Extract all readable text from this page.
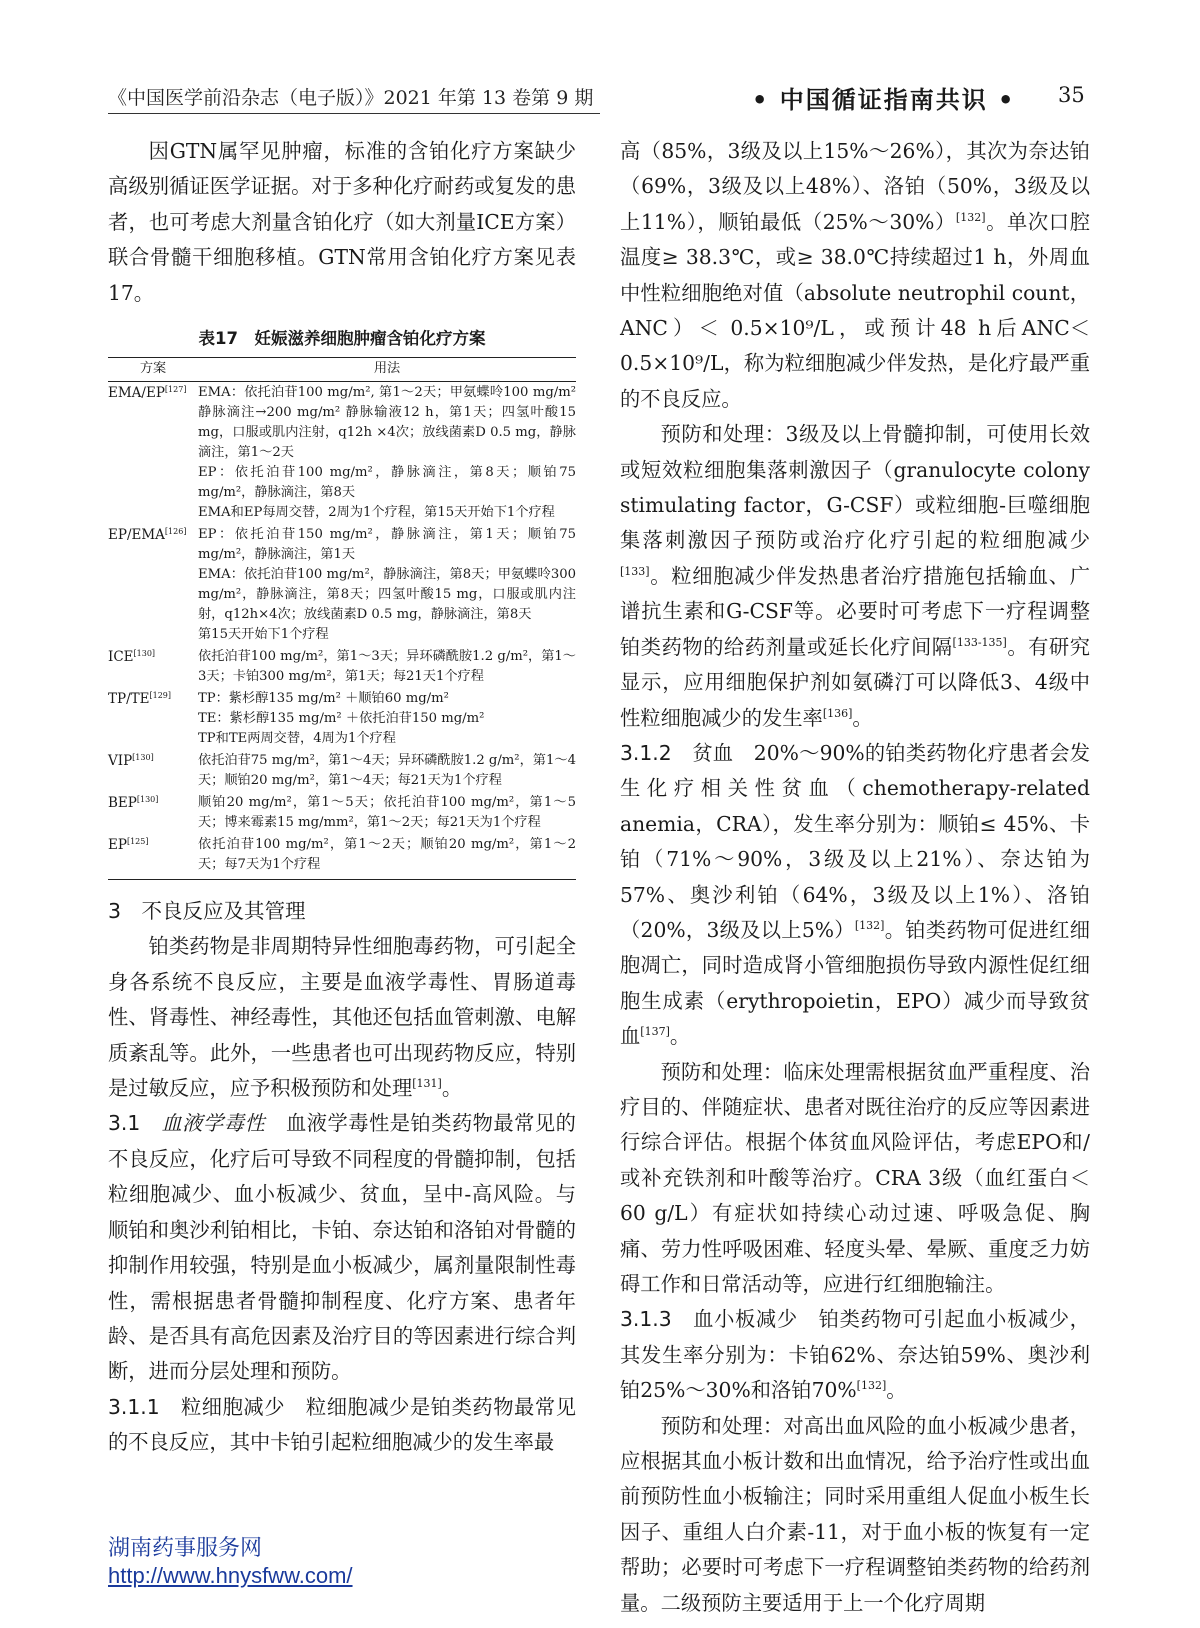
《中国医学前沿杂志（电子版）》2021 年第 13 卷第 9 期	• 中国循证指南共识 • 35

因GTN属罕见肿瘤，标准的含铂化疗方案缺少高级别循证医学证据。对于多种化疗耐药或复发的患者，也可考虑大剂量含铂化疗（如大剂量ICE方案）联合骨髓干细胞移植。GTN常用含铂化疗方案见表17。

表17　妊娠滋养细胞肿瘤含铂化疗方案
方案	用法
EMA/EP[127]	EMA：依托泊苷100 mg/m², 第1～2天；甲氨蝶呤100 mg/m² 静脉滴注→200 mg/m² 静脉输液12 h，第1天；四氢叶酸15 mg，口服或肌内注射，q12h ×4次；放线菌素D 0.5 mg，静脉滴注，第1～2天
EP：依托泊苷100 mg/m²，静脉滴注，第8天；顺铂75 mg/m²，静脉滴注，第8天
EMA和EP每周交替，2周为1个疗程，第15天开始下1个疗程

EP/EMA[126]	EP：依托泊苷150 mg/m²，静脉滴注，第1天；顺铂75 mg/m²，静脉滴注，第1天
EMA：依托泊苷100 mg/m²，静脉滴注，第8天；甲氨蝶呤300 mg/m²，静脉滴注，第8天；四氢叶酸15 mg，口服或肌内注射，q12h×4次；放线菌素D 0.5 mg，静脉滴注，第8天
第15天开始下1个疗程

ICE[130]	依托泊苷100 mg/m²，第1～3天；异环磷酰胺1.2 g/m²，第1～3天；卡铂300 mg/m²，第1天；每21天1个疗程

TP/TE[129]	TP：紫杉醇135 mg/m² ＋顺铂60 mg/m²
TE：紫杉醇135 mg/m² ＋依托泊苷150 mg/m²
TP和TE两周交替，4周为1个疗程

VIP[130]	依托泊苷75 mg/m²，第1～4天；异环磷酰胺1.2 g/m²，第1～4天；顺铂20 mg/m²，第1～4天；每21天为1个疗程

BEP[130]	顺铂20 mg/m²，第1～5天；依托泊苷100 mg/m²，第1～5天；博来霉素15 mg/mm²，第1～2天；每21天为1个疗程

EP[125]	依托泊苷100 mg/m²，第1～2天；顺铂20 mg/m²，第1～2天；每7天为1个疗程
3　不良反应及其管理

铂类药物是非周期特异性细胞毒药物，可引起全身各系统不良反应，主要是血液学毒性、胃肠道毒性、肾毒性、神经毒性，其他还包括血管刺激、电解质紊乱等。此外，一些患者也可出现药物反应，特别是过敏反应，应予积极预防和处理[131]。

3.1　 血液学毒性　 血液学毒性是铂类药物最常见的不良反应，化疗后可导致不同程度的骨髓抑制，包括粒细胞减少、血小板减少、贫血，呈中-高风险。与顺铂和奥沙利铂相比，卡铂、奈达铂和洛铂对骨髓的抑制作用较强，特别是血小板减少，属剂量限制性毒性，需根据患者骨髓抑制程度、化疗方案、患者年龄、是否具有高危因素及治疗目的等因素进行综合判断，进而分层处理和预防。

3.1.1　 粒细胞减少　 粒细胞减少是铂类药物最常见的不良反应，其中卡铂引起粒细胞减少的发生率最

高（85%，3级及以上15%～26%），其次为奈达铂（69%，3级及以上48%）、洛铂（50%，3级及以上11%），顺铂最低（25%～30%）[132]。单次口腔温度≥ 38.3℃，或≥ 38.0℃持续超过1 h，外周血中性粒细胞绝对值（absolute neutrophil count，ANC）＜ 0.5×10⁹/L，或预计48 h后ANC＜ 0.5×10⁹/L，称为粒细胞减少伴发热，是化疗最严重的不良反应。

预防和处理：3级及以上骨髓抑制，可使用长效或短效粒细胞集落刺激因子（granulocyte colony stimulating factor，G-CSF）或粒细胞-巨噬细胞集落刺激因子预防或治疗化疗引起的粒细胞减少[133]。粒细胞减少伴发热患者治疗措施包括输血、广谱抗生素和G-CSF等。必要时可考虑下一疗程调整铂类药物的给药剂量或延长化疗间隔[133-135]。有研究显示，应用细胞保护剂如氨磷汀可以降低3、4级中性粒细胞减少的发生率[136]。

3.1.2　 贫血　 20%～90%的铂类药物化疗患者会发生化疗相关性贫血（chemotherapy-related anemia，CRA），发生率分别为：顺铂≤ 45%、卡铂（71%～90%，3级及以上21%）、奈达铂为57%、奥沙利铂（64%，3级及以上1%）、洛铂（20%，3级及以上5%）[132]。铂类药物可促进红细胞凋亡，同时造成肾小管细胞损伤导致内源性促红细胞生成素（erythropoietin，EPO）减少而导致贫血[137]。

预防和处理：临床处理需根据贫血严重程度、治疗目的、伴随症状、患者对既往治疗的反应等因素进行综合评估。根据个体贫血风险评估，考虑EPO和/或补充铁剂和叶酸等治疗。CRA 3级（血红蛋白＜ 60 g/L）有症状如持续心动过速、呼吸急促、胸痛、劳力性呼吸困难、轻度头晕、晕厥、重度乏力妨碍工作和日常活动等，应进行红细胞输注。

3.1.3　 血小板减少　 铂类药物可引起血小板减少，其发生率分别为：卡铂62%、奈达铂59%、奥沙利铂25%～30%和洛铂70%[132]。

预防和处理：对高出血风险的血小板减少患者，应根据其血小板计数和出血情况，给予治疗性或出血前预防性血小板输注；同时采用重组人促血小板生长因子、重组人白介素-11，对于血小板的恢复有一定帮助；必要时可考虑下一疗程调整铂类药物的给药剂量。二级预防主要适用于上一个化疗周期

湖南药事服务网
http://www.hnysfww.com/
